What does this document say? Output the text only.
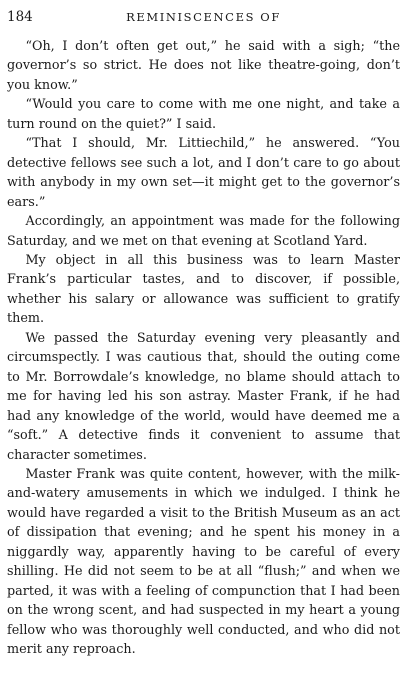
184	REMINISCENCES OF

“Oh, I don’t often get out,” he said with a sigh; “the governor’s so strict. He does not like theatre-going, don’t you know.”

“Would you care to come with me one night, and take a turn round on the quiet?” I said.

“That I should, Mr. Littiechild,” he answered. “You detective fellows see such a lot, and I don’t care to go about with anybody in my own set—it might get to the governor’s ears.”

Accordingly, an appointment was made for the following Saturday, and we met on that evening at Scotland Yard.

My object in all this business was to learn Master Frank’s particular tastes, and to discover, if possible, whether his salary or allowance was sufficient to gratify them.

We passed the Saturday evening very pleasantly and circumspectly. I was cautious that, should the outing come to Mr. Borrowdale’s knowledge, no blame should attach to me for having led his son astray. Master Frank, if he had had any knowledge of the world, would have deemed me a “soft.” A detective finds it convenient to assume that character sometimes.

Master Frank was quite content, however, with the milk-and-watery amusements in which we indulged. I think he would have regarded a visit to the British Museum as an act of dissipation that evening; and he spent his money in a niggardly way, apparently having to be careful of every shilling. He did not seem to be at all “flush;” and when we parted, it was with a feeling of compunction that I had been on the wrong scent, and had suspected in my heart a young fellow who was thoroughly well conducted, and who did not merit any reproach.
